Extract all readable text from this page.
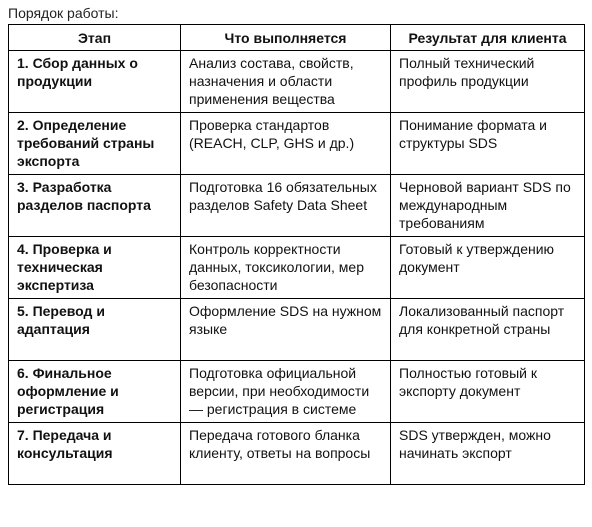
Порядок работы:
Этап	Что выполняется	Результат для клиента
1. Сбор данных о продукции	Анализ состава, свойств, назначения и области применения вещества	Полный технический профиль продукции
2. Определение требований страны экспорта	Проверка стандартов (REACH, CLP, GHS и др.)	Понимание формата и структуры SDS
3. Разработка разделов паспорта	Подготовка 16 обязательных разделов Safety Data Sheet	Черновой вариант SDS по международным требованиям
4. Проверка и техническая экспертиза	Контроль корректности данных, токсикологии, мер безопасности	Готовый к утверждению документ
5. Перевод и адаптация	Оформление SDS на нужном языке	Локализованный паспорт для конкретной страны
6. Финальное оформление и регистрация	Подготовка официальной версии, при необходимости — регистрация в системе	Полностью готовый к экспорту документ
7. Передача и консультация	Передача готового бланка клиенту, ответы на вопросы	SDS утвержден, можно начинать экспорт
